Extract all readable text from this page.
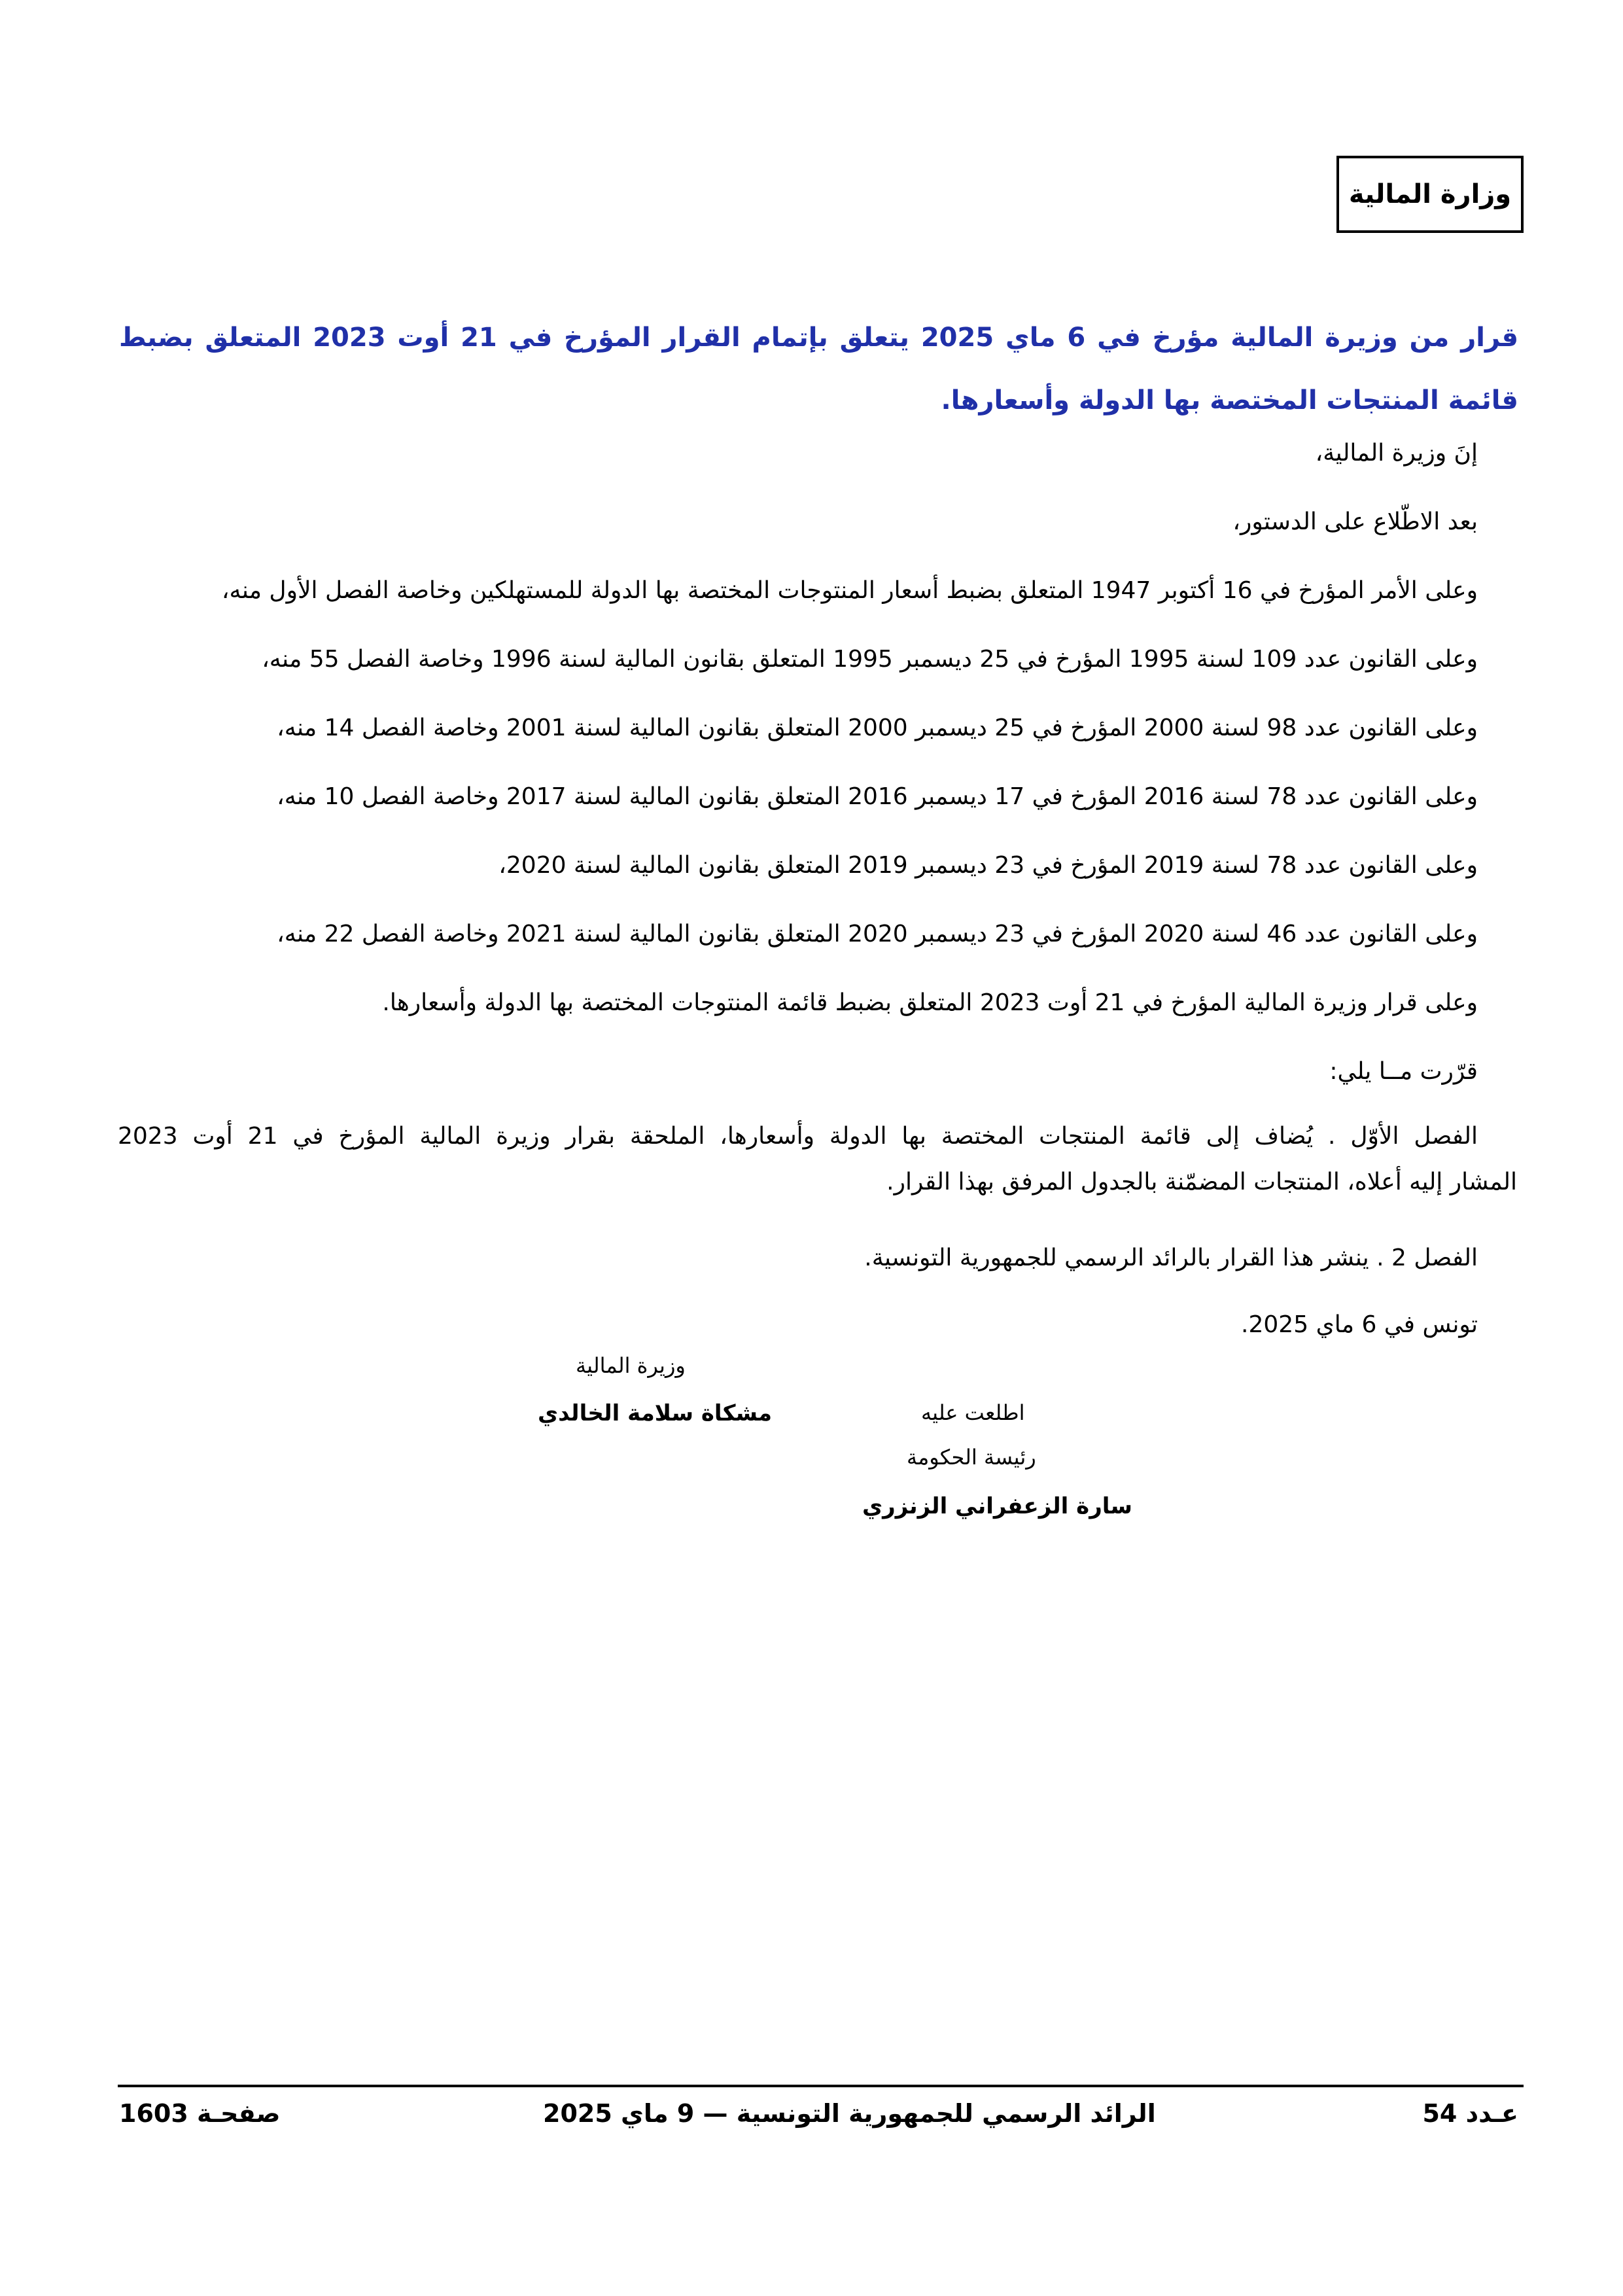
وزارة المالية
قرار من وزيرة المالية مؤرخ في 6 ماي 2025 يتعلق بإتمام القرار المؤرخ في 21 أوت 2023 المتعلق بضبط قائمة المنتجات المختصة بها الدولة وأسعارها.
إنَ وزيرة المالية،
بعد الاطّلاع على الدستور،
وعلى الأمر المؤرخ في 16 أكتوبر 1947 المتعلق بضبط أسعار المنتوجات المختصة بها الدولة للمستهلكين وخاصة الفصل الأول منه،
وعلى القانون عدد 109 لسنة 1995 المؤرخ في 25 ديسمبر 1995 المتعلق بقانون المالية لسنة 1996 وخاصة الفصل 55 منه،
وعلى القانون عدد 98 لسنة 2000 المؤرخ في 25 ديسمبر 2000 المتعلق بقانون المالية لسنة 2001 وخاصة الفصل 14 منه،
وعلى القانون عدد 78 لسنة 2016 المؤرخ في 17 ديسمبر 2016 المتعلق بقانون المالية لسنة 2017 وخاصة الفصل 10 منه،
وعلى القانون عدد 78 لسنة 2019 المؤرخ في 23 ديسمبر 2019 المتعلق بقانون المالية لسنة 2020،
وعلى القانون عدد 46 لسنة 2020 المؤرخ في 23 ديسمبر 2020 المتعلق بقانون المالية لسنة 2021 وخاصة الفصل 22 منه،
وعلى قرار وزيرة المالية المؤرخ في 21 أوت 2023 المتعلق بضبط قائمة المنتوجات المختصة بها الدولة وأسعارها.
قرّرت مــا يلي:
الفصل الأوّل . يُضاف إلى قائمة المنتجات المختصة بها الدولة وأسعارها، الملحقة بقرار وزيرة المالية المؤرخ في 21 أوت 2023
المشار إليه أعلاه، المنتجات المضمّنة بالجدول المرفق بهذا القرار.
الفصل 2 . ينشر هذا القرار بالرائد الرسمي للجمهورية التونسية.
تونس في 6 ماي 2025.
وزيرة المالية
مشكاة سلامة الخالدي	اطلعت عليه
رئيسة الحكومة
سارة الزعفراني الزنزري
عـدد 54
الرائد الرسمي للجمهورية التونسية — 9 ماي 2025
صفحـة 1603
